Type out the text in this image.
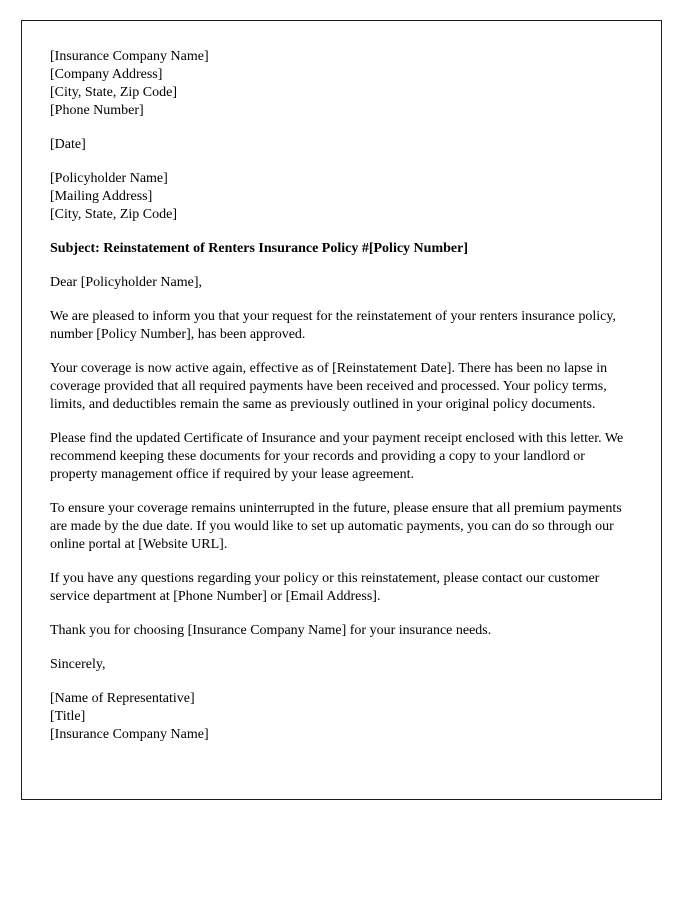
[Insurance Company Name]
[Company Address]
[City, State, Zip Code]
[Phone Number]
[Date]
[Policyholder Name]
[Mailing Address]
[City, State, Zip Code]

Subject: Reinstatement of Renters Insurance Policy #[Policy Number]

Dear [Policyholder Name],

We are pleased to inform you that your request for the reinstatement of your renters insurance policy, number [Policy Number], has been approved.

Your coverage is now active again, effective as of [Reinstatement Date]. There has been no lapse in coverage provided that all required payments have been received and processed. Your policy terms, limits, and deductibles remain the same as previously outlined in your original policy documents.

Please find the updated Certificate of Insurance and your payment receipt enclosed with this letter. We recommend keeping these documents for your records and providing a copy to your landlord or property management office if required by your lease agreement.

To ensure your coverage remains uninterrupted in the future, please ensure that all premium payments are made by the due date. If you would like to set up automatic payments, you can do so through our online portal at [Website URL].

If you have any questions regarding your policy or this reinstatement, please contact our customer service department at [Phone Number] or [Email Address].

Thank you for choosing [Insurance Company Name] for your insurance needs.

Sincerely,

[Name of Representative]
[Title]
[Insurance Company Name]
